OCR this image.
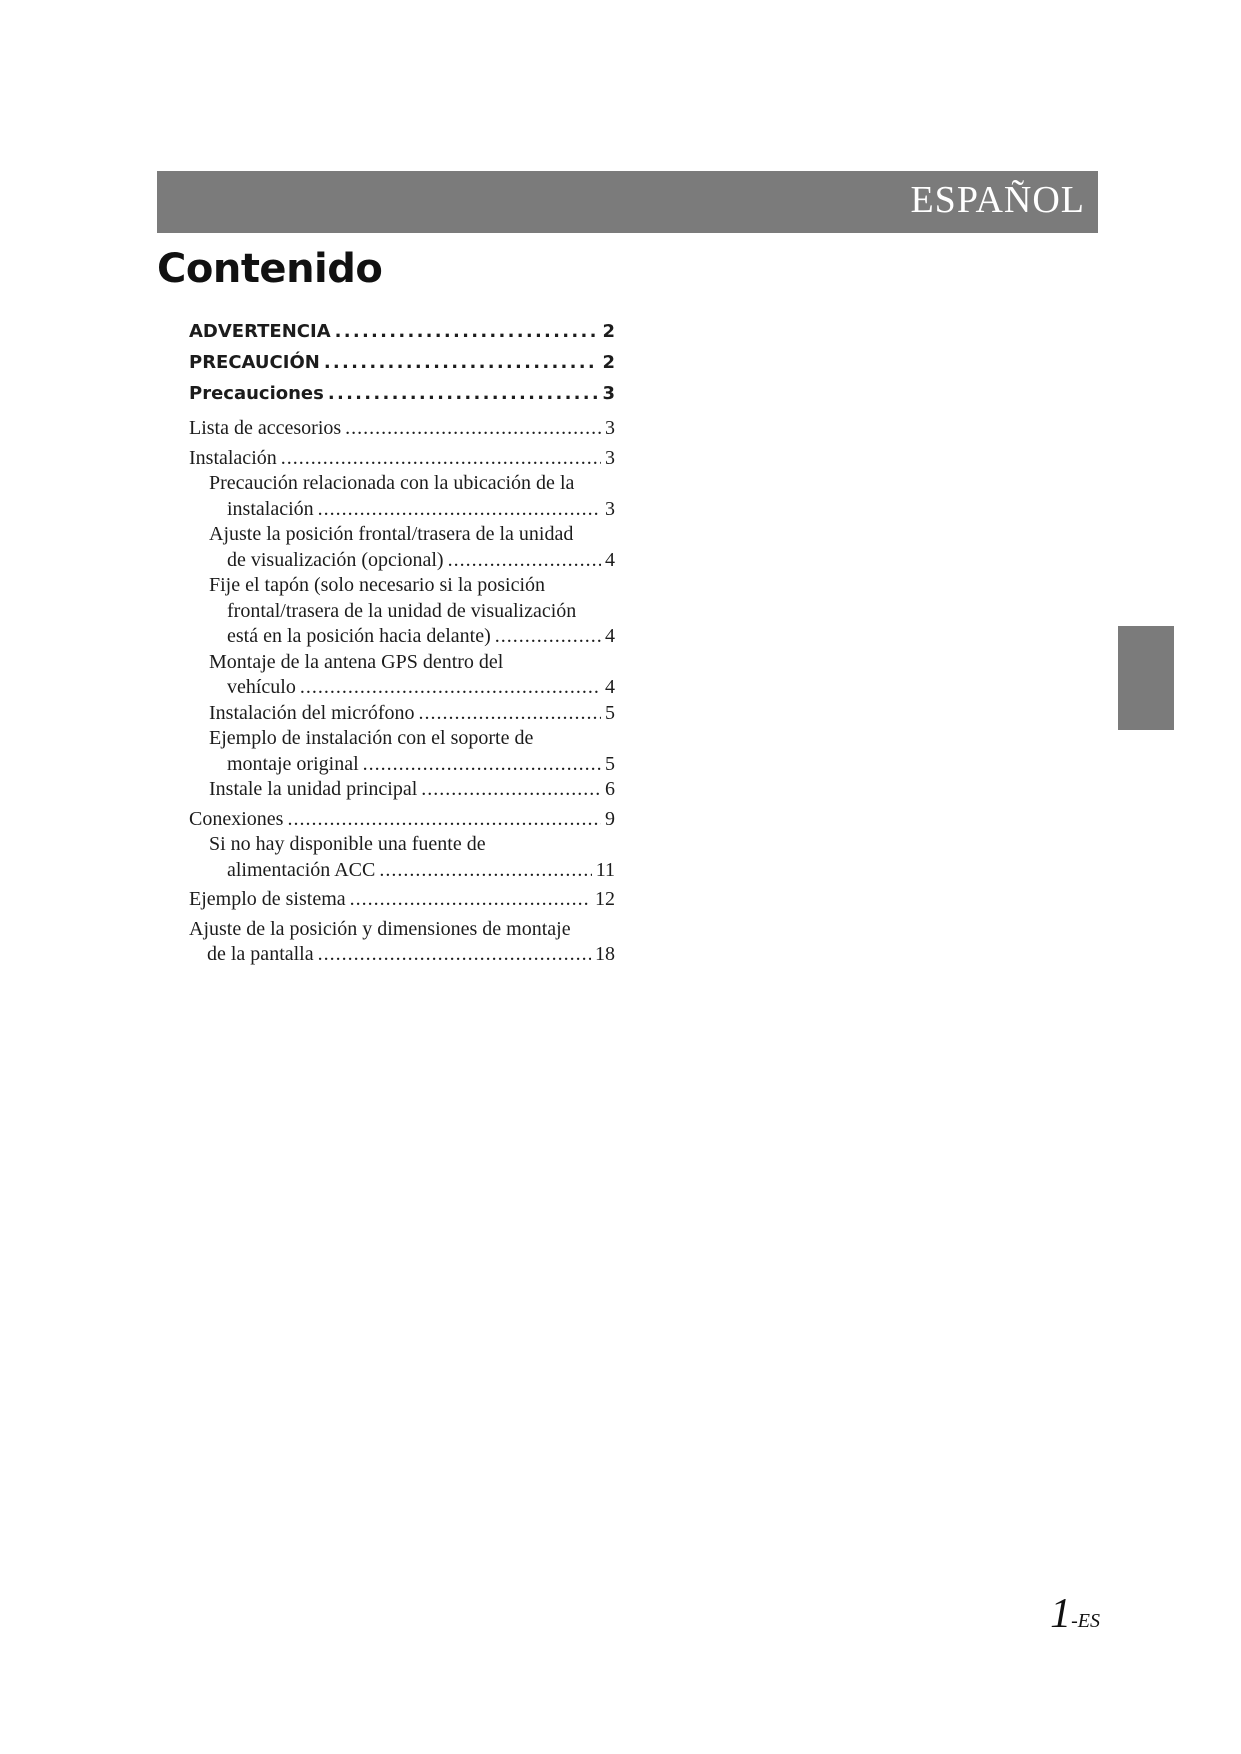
ESPAÑOL
Contenido
ADVERTENCIA . . .	2
PRECAUCIÓN . . .	2
Precauciones . . .	3
Lista de accesorios . . .	3
Instalación . . .	3
Precaución relacionada con la ubicación de la
instalación . . .	3
Ajuste la posición frontal/trasera de la unidad
de visualización (opcional) . . .	4
Fije el tapón (solo necesario si la posición
frontal/trasera de la unidad de visualización
está en la posición hacia delante) . . .	4
Montaje de la antena GPS dentro del
vehículo . . .	4
Instalación del micrófono . . .	5
Ejemplo de instalación con el soporte de
montaje original . . .	5
Instale la unidad principal . . .	6
Conexiones . . .	9
Si no hay disponible una fuente de
alimentación ACC . . .	11
Ejemplo de sistema . . .	12
Ajuste de la posición y dimensiones de montaje
de la pantalla . . .	18
1-ES
